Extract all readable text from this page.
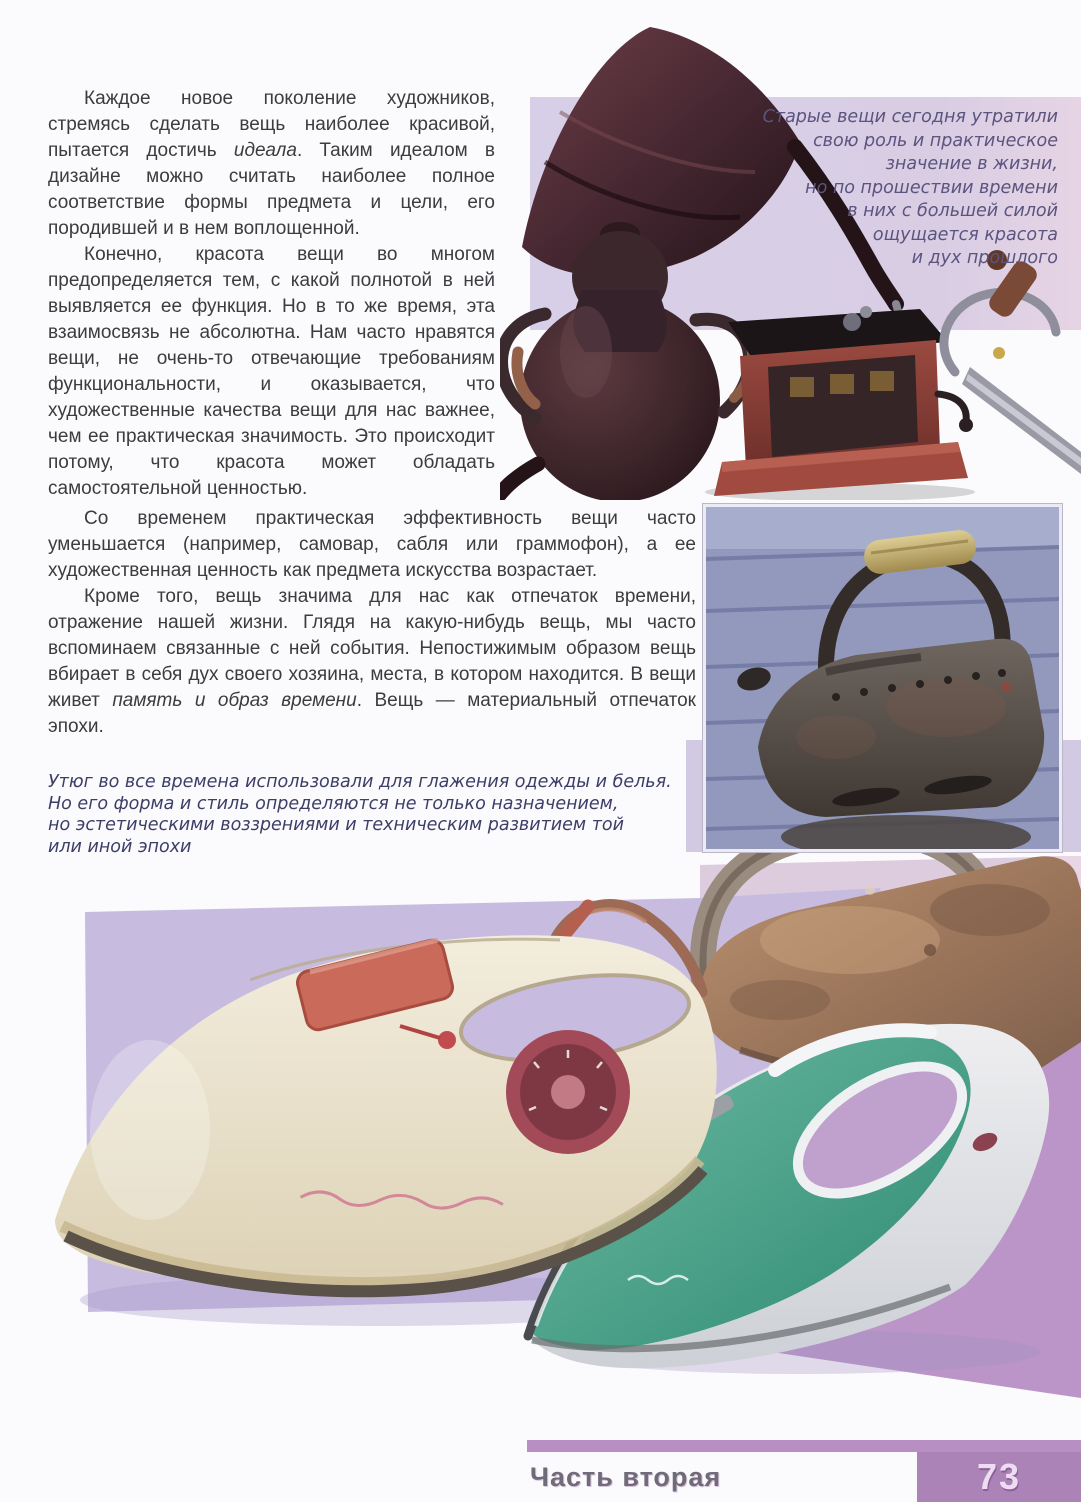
Старые вещи сегодня утратили
свою роль и практическое
значение в жизни,
но по прошествии времени
в них с большей силой
ощущается красота
и дух прошлого

Каждое новое поколение художников, стремясь сделать вещь наиболее красивой, пытается достичь идеала. Таким идеалом в дизайне можно считать наиболее полное соответствие формы предмета и цели, его породившей и в нем воплощенной.

Конечно, красота вещи во многом предопределяется тем, с какой полнотой в ней выявляется ее функция. Но в то же время, эта взаимосвязь не абсолютна. Нам часто нравятся вещи, не очень-то отвечающие требованиям функциональности, и оказывается, что художественные качества вещи для нас важнее, чем ее практическая значимость. Это происходит потому, что красота может обладать самостоятельной ценностью.

Со временем практическая эффективность вещи часто уменьшается (например, самовар, сабля или граммофон), а ее художественная ценность как предмета искусства возрастает.

Кроме того, вещь значима для нас как отпечаток времени, отражение нашей жизни. Глядя на какую-нибудь вещь, мы часто вспоминаем связанные с ней события. Непостижимым образом вещь вбирает в себя дух своего хозяина, места, в котором находится. В вещи живет память и образ времени. Вещь — материальный отпечаток эпохи.

Утюг во все времена использовали для глажения одежды и белья.
Но его форма и стиль определяются не только назначением,
но эстетическими воззрениями и техническим развитием той
или иной эпохи
Часть вторая	73
